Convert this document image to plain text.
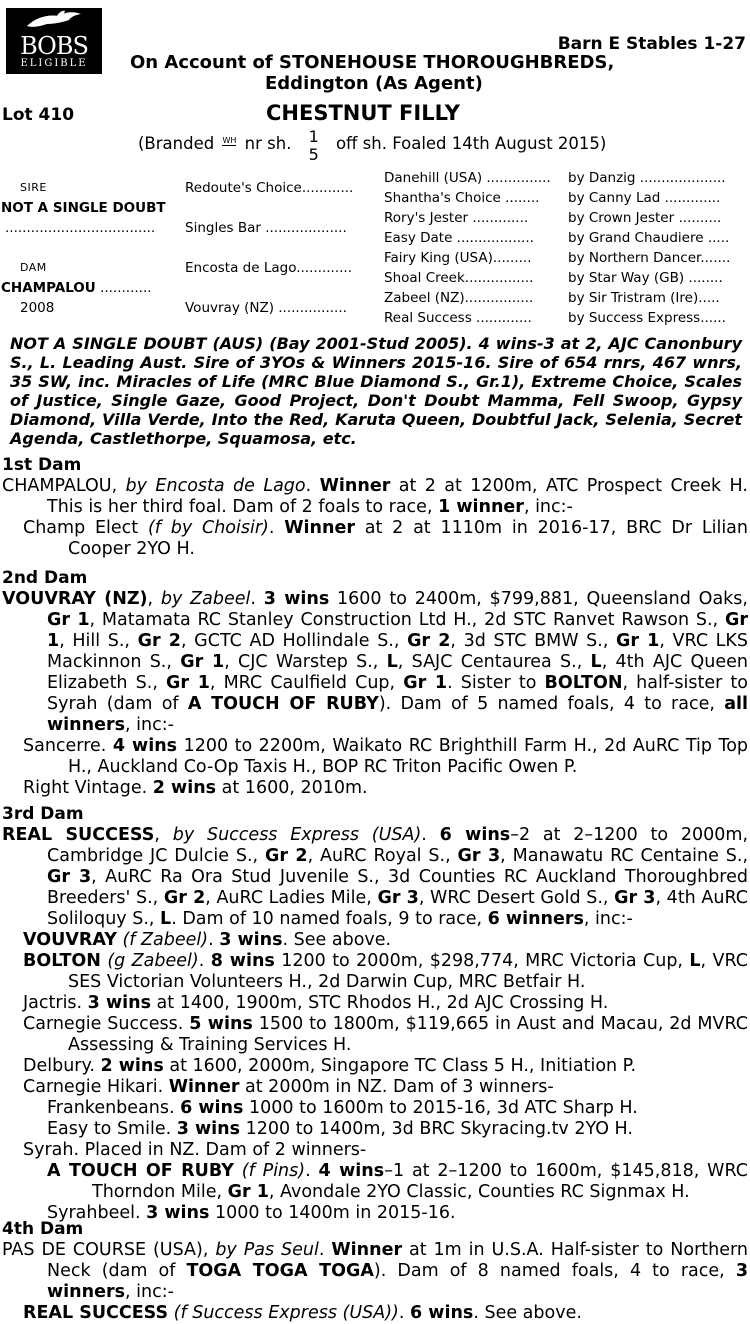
BOBS
ELIGIBLE
Barn E Stables 1-27
On Account of STONEHOUSE THOROUGHBREDS,
Eddington (As Agent)
Lot 410	CHESTNUT FILLY
(Branded WH nr sh. 1
5
off sh. Foaled 14th August 2015)
SIRE
NOT A SINGLE DOUBT
...................................
DAM
CHAMPALOU ............
2008
Redoute's Choice............
Singles Bar ...................
Encosta de Lago.............
Vouvray (NZ) ................
Danehill (USA) ...............
Shantha's Choice ........
Rory's Jester .............
Easy Date ..................
Fairy King (USA).........
Shoal Creek................
Zabeel (NZ)................
Real Success .............
by Danzig ....................
by Canny Lad .............
by Crown Jester ..........
by Grand Chaudiere .....
by Northern Dancer.......
by Star Way (GB) ........
by Sir Tristram (Ire).....
by Success Express......
NOT A SINGLE DOUBT (AUS) (Bay 2001-Stud 2005). 4 wins-3 at 2, AJC Canonbury S., L. Leading Aust. Sire of 3YOs & Winners 2015-16. Sire of 654 rnrs, 467 wnrs, 35 SW, inc. Miracles of Life (MRC Blue Diamond S., Gr.1), Extreme Choice, Scales of Justice, Single Gaze, Good Project, Don't Doubt Mamma, Fell Swoop, Gypsy Diamond, Villa Verde, Into the Red, Karuta Queen, Doubtful Jack, Selenia, Secret Agenda, Castlethorpe, Squamosa, etc.
1st Dam

CHAMPALOU, by Encosta de Lago. Winner at 2 at 1200m, ATC Prospect Creek H. This is her third foal. Dam of 2 foals to race, 1 winner, inc:-

Champ Elect (f by Choisir). Winner at 2 at 1110m in 2016-17, BRC Dr Lilian Cooper 2YO H.

2nd Dam

VOUVRAY (NZ), by Zabeel. 3 wins 1600 to 2400m, $799,881, Queensland Oaks, Gr 1, Matamata RC Stanley Construction Ltd H., 2d STC Ranvet Rawson S., Gr 1, Hill S., Gr 2, GCTC AD Hollindale S., Gr 2, 3d STC BMW S., Gr 1, VRC LKS Mackinnon S., Gr 1, CJC Warstep S., L, SAJC Centaurea S., L, 4th AJC Queen Elizabeth S., Gr 1, MRC Caulfield Cup, Gr 1. Sister to BOLTON, half-sister to Syrah (dam of A TOUCH OF RUBY). Dam of 5 named foals, 4 to race, all winners, inc:-

Sancerre. 4 wins 1200 to 2200m, Waikato RC Brighthill Farm H., 2d AuRC Tip Top H., Auckland Co-Op Taxis H., BOP RC Triton Pacific Owen P.

Right Vintage. 2 wins at 1600, 2010m.

3rd Dam

REAL SUCCESS, by Success Express (USA). 6 wins–2 at 2–1200 to 2000m, Cambridge JC Dulcie S., Gr 2, AuRC Royal S., Gr 3, Manawatu RC Centaine S., Gr 3, AuRC Ra Ora Stud Juvenile S., 3d Counties RC Auckland Thoroughbred Breeders' S., Gr 2, AuRC Ladies Mile, Gr 3, WRC Desert Gold S., Gr 3, 4th AuRC Soliloquy S., L. Dam of 10 named foals, 9 to race, 6 winners, inc:-

VOUVRAY (f Zabeel). 3 wins. See above.

BOLTON (g Zabeel). 8 wins 1200 to 2000m, $298,774, MRC Victoria Cup, L, VRC SES Victorian Volunteers H., 2d Darwin Cup, MRC Betfair H.

Jactris. 3 wins at 1400, 1900m, STC Rhodos H., 2d AJC Crossing H.

Carnegie Success. 5 wins 1500 to 1800m, $119,665 in Aust and Macau, 2d MVRC Assessing & Training Services H.

Delbury. 2 wins at 1600, 2000m, Singapore TC Class 5 H., Initiation P.

Carnegie Hikari. Winner at 2000m in NZ. Dam of 3 winners-

Frankenbeans. 6 wins 1000 to 1600m to 2015-16, 3d ATC Sharp H.

Easy to Smile. 3 wins 1200 to 1400m, 3d BRC Skyracing.tv 2YO H.

Syrah. Placed in NZ. Dam of 2 winners-

A TOUCH OF RUBY (f Pins). 4 wins–1 at 2–1200 to 1600m, $145,818, WRC Thorndon Mile, Gr 1, Avondale 2YO Classic, Counties RC Signmax H.

Syrahbeel. 3 wins 1000 to 1400m in 2015-16.

4th Dam

PAS DE COURSE (USA), by Pas Seul. Winner at 1m in U.S.A. Half-sister to Northern Neck (dam of TOGA TOGA TOGA). Dam of 8 named foals, 4 to race, 3 winners, inc:-

REAL SUCCESS (f Success Express (USA)). 6 wins. See above.
